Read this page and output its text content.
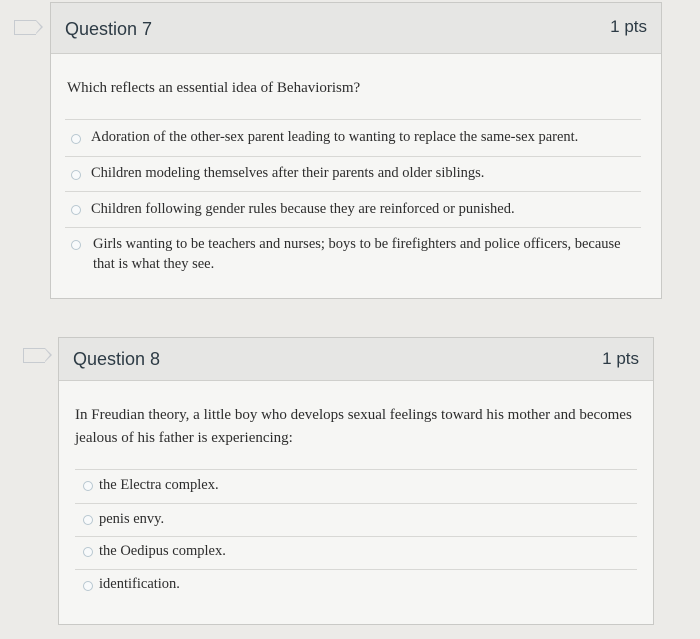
Question 7	1 pts
Which reflects an essential idea of Behaviorism?
Adoration of the other-sex parent leading to wanting to replace the same-sex parent.
Children modeling themselves after their parents and older siblings.
Children following gender rules because they are reinforced or punished.
Girls wanting to be teachers and nurses; boys to be firefighters and police officers, because that is what they see.
Question 8	1 pts
In Freudian theory, a little boy who develops sexual feelings toward his mother and becomes jealous of his father is experiencing:
the Electra complex.
penis envy.
the Oedipus complex.
identification.
